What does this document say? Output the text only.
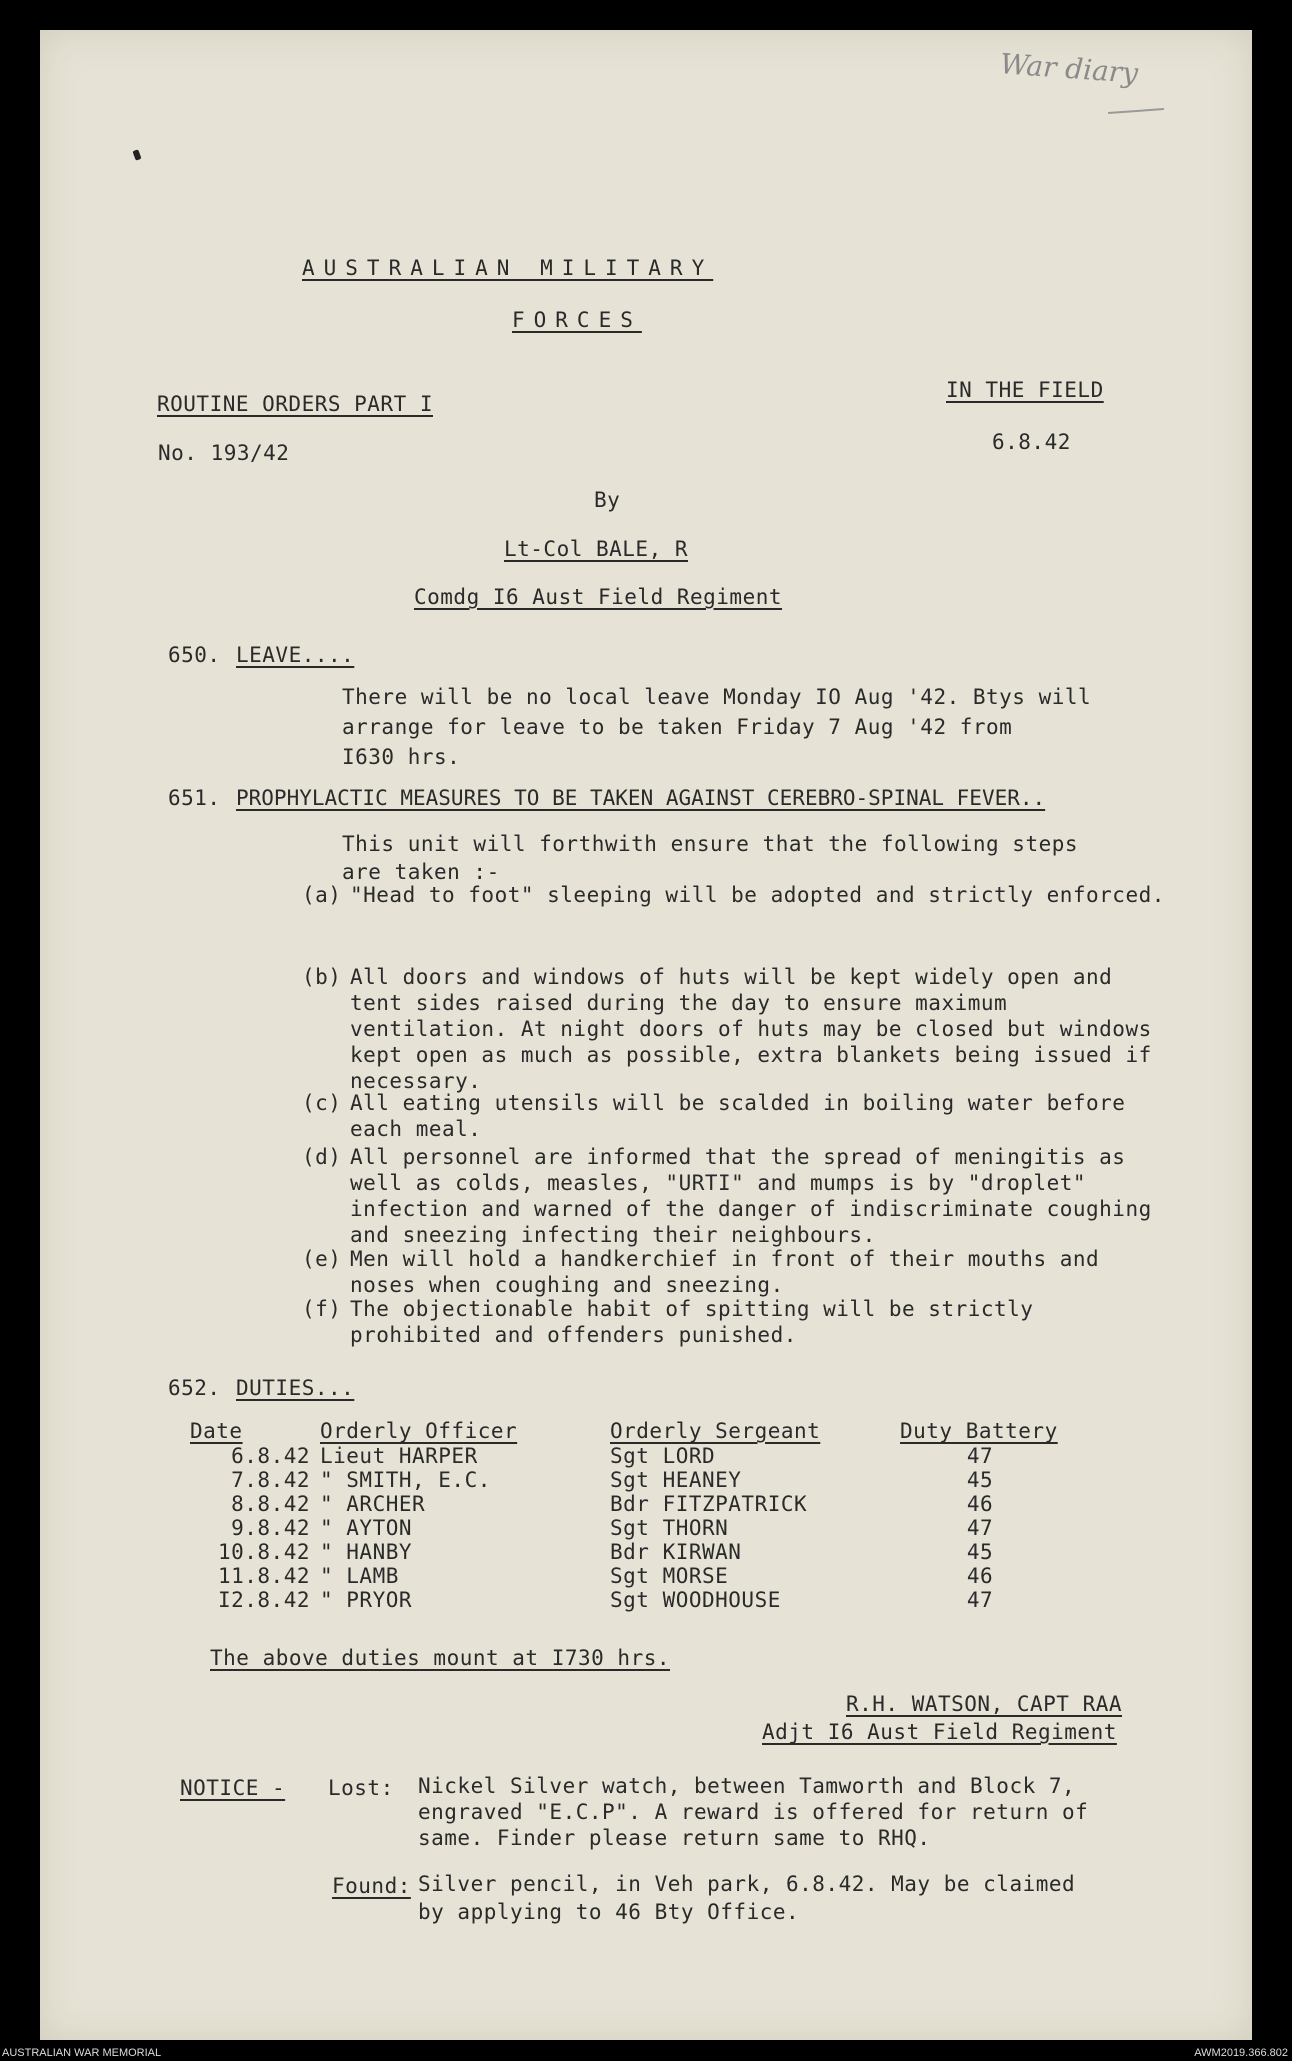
War diary
AUSTRALIAN MILITARY
FORCES
ROUTINE ORDERS PART I
No. 193/42
IN THE FIELD
6.8.42
By
Lt-Col BALE, R
Comdg I6 Aust Field Regiment
650. LEAVE....
There will be no local leave Monday IO Aug '42. Btys will
arrange for leave to be taken Friday 7 Aug '42 from
I630 hrs.
651. PROPHYLACTIC MEASURES TO BE TAKEN AGAINST CEREBRO-SPINAL FEVER..
This unit will forthwith ensure that the following steps
are taken :-
(a) "Head to foot" sleeping will be adopted and strictly enforced.
(b) All doors and windows of huts will be kept widely open and tent sides raised during the day to ensure maximum ventilation. At night doors of huts may be closed but windows kept open as much as possible, extra blankets being issued if necessary.
(c) All eating utensils will be scalded in boiling water before each meal.
(d) All personnel are informed that the spread of meningitis as well as colds, measles, "URTI" and mumps is by "droplet" infection and warned of the danger of indiscriminate coughing and sneezing infecting their neighbours.
(e) Men will hold a handkerchief in front of their mouths and noses when coughing and sneezing.
(f) The objectionable habit of spitting will be strictly prohibited and offenders punished.
652. DUTIES...
Date	Orderly Officer	Orderly Sergeant	Duty Battery
6.8.42	Lieut HARPER	Sgt LORD	47
7.8.42	" SMITH, E.C.	Sgt HEANEY	45
8.8.42	" ARCHER	Bdr FITZPATRICK	46
9.8.42	" AYTON	Sgt THORN	47
10.8.42	" HANBY	Bdr KIRWAN	45
11.8.42	" LAMB	Sgt MORSE	46
I2.8.42	" PRYOR	Sgt WOODHOUSE	47
The above duties mount at I730 hrs.
R.H. WATSON, CAPT RAA
Adjt I6 Aust Field Regiment
NOTICE - Lost: Nickel Silver watch, between Tamworth and Block 7,
engraved "E.C.P". A reward is offered for return of
same. Finder please return same to RHQ.
Found: Silver pencil, in Veh park, 6.8.42. May be claimed
by applying to 46 Bty Office.
AUSTRALIAN WAR MEMORIAL	AWM2019.366.802
